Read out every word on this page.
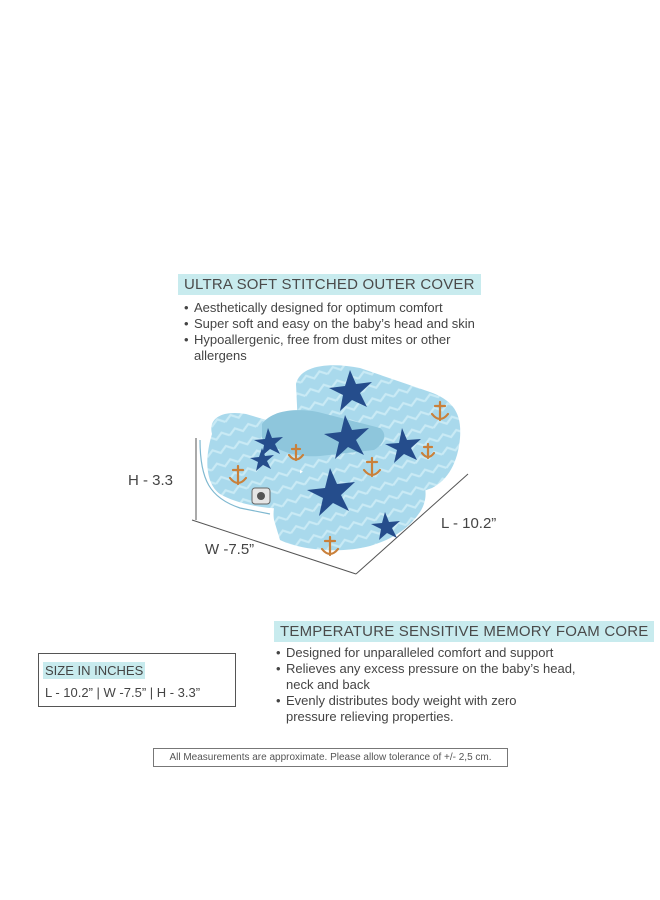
ULTRA SOFT STITCHED OUTER COVER
• Aesthetically designed for optimum comfort
• Super soft and easy on the baby’s head and skin
• Hypoallergenic, free from dust mites or other allergens
H - 3.3
W -7.5”
L - 10.2”
TEMPERATURE SENSITIVE MEMORY FOAM CORE
• Designed for unparalleled comfort and support
• Relieves any excess pressure on the baby’s head, neck and back
• Evenly distributes body weight with zero pressure relieving properties.
SIZE IN INCHES
L - 10.2” | W -7.5” | H - 3.3”
All Measurements are approximate. Please allow tolerance of +/- 2,5 cm.
